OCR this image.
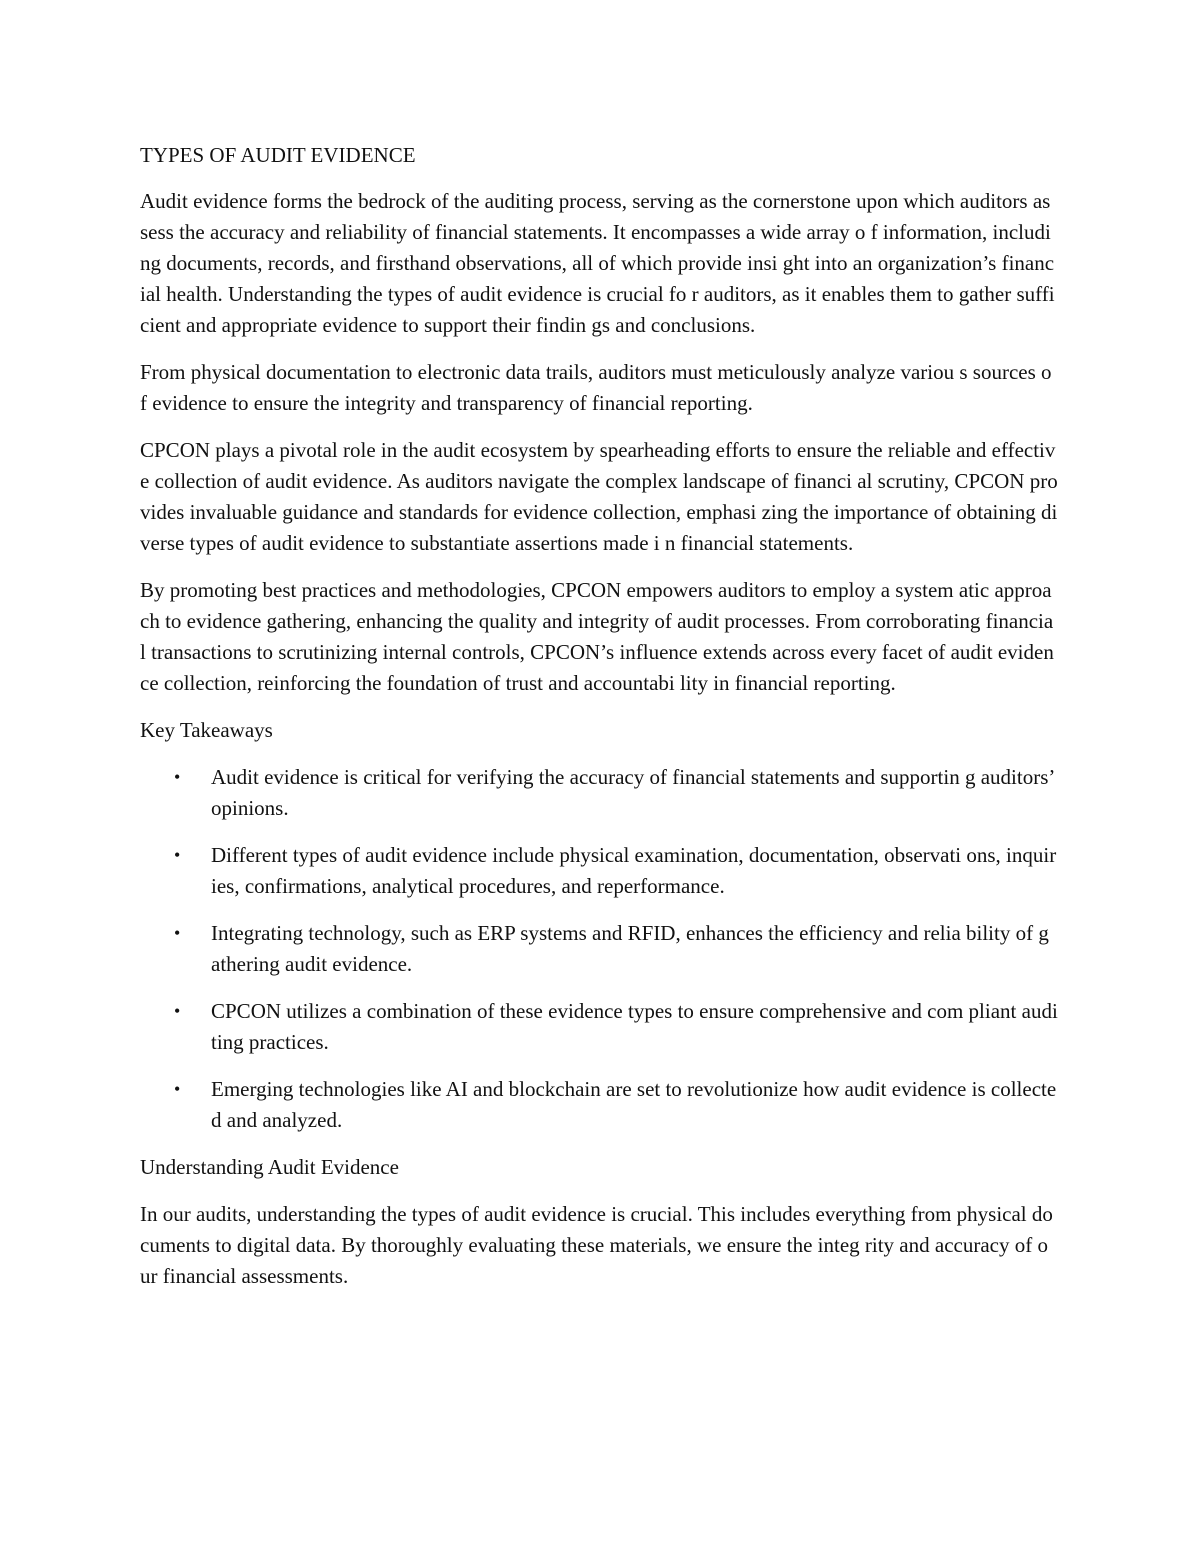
TYPES OF AUDIT EVIDENCE

Audit evidence forms the bedrock of the auditing process, serving as the cornerstone upon which auditors assess the accuracy and reliability of financial statements. It encompasses a wide array o f information, including documents, records, and firsthand observations, all of which provide insi ght into an organization’s financial health. Understanding the types of audit evidence is crucial fo r auditors, as it enables them to gather sufficient and appropriate evidence to support their findin gs and conclusions.

From physical documentation to electronic data trails, auditors must meticulously analyze variou s sources of evidence to ensure the integrity and transparency of financial reporting.

CPCON plays a pivotal role in the audit ecosystem by spearheading efforts to ensure the reliable and effective collection of audit evidence. As auditors navigate the complex landscape of financi al scrutiny, CPCON provides invaluable guidance and standards for evidence collection, emphasi zing the importance of obtaining diverse types of audit evidence to substantiate assertions made i n financial statements.

By promoting best practices and methodologies, CPCON empowers auditors to employ a system atic approach to evidence gathering, enhancing the quality and integrity of audit processes. From corroborating financial transactions to scrutinizing internal controls, CPCON’s influence extends across every facet of audit evidence collection, reinforcing the foundation of trust and accountabi lity in financial reporting.

Key Takeaways
• Audit evidence is critical for verifying the accuracy of financial statements and supportin g auditors’ opinions.
• Different types of audit evidence include physical examination, documentation, observati ons, inquiries, confirmations, analytical procedures, and reperformance.
• Integrating technology, such as ERP systems and RFID, enhances the efficiency and relia bility of gathering audit evidence.
• CPCON utilizes a combination of these evidence types to ensure comprehensive and com pliant auditing practices.
• Emerging technologies like AI and blockchain are set to revolutionize how audit evidence is collected and analyzed.
Understanding Audit Evidence

In our audits, understanding the types of audit evidence is crucial. This includes everything from physical documents to digital data. By thoroughly evaluating these materials, we ensure the integ rity and accuracy of our financial assessments.
